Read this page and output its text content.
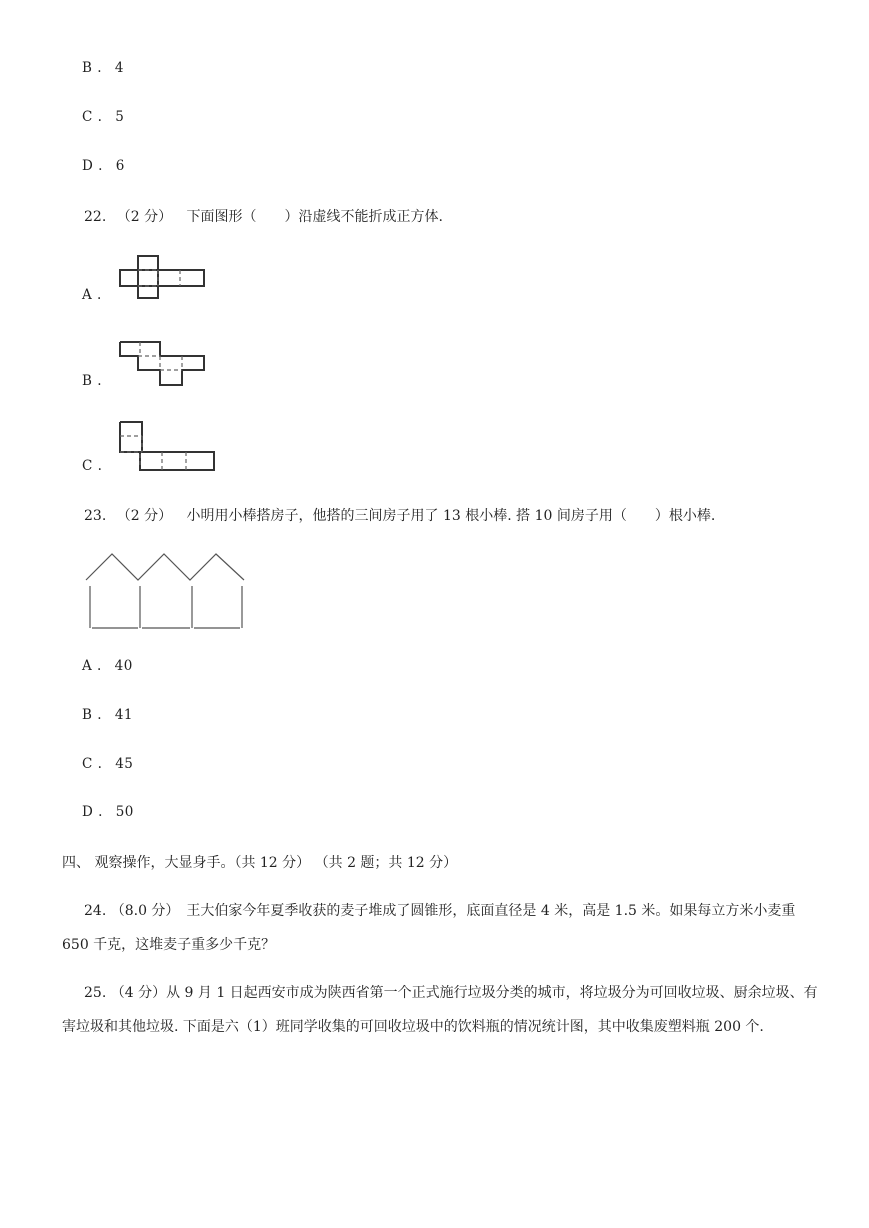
B . 4
C . 5
D . 6
22. （2 分） 下面图形（　　）沿虚线不能折成正方体.
A .
B .
C .
23. （2 分） 小明用小棒搭房子，他搭的三间房子用了 13 根小棒. 搭 10 间房子用（　　）根小棒.
A . 40
B . 41
C . 45
D . 50
四、 观察操作，大显身手。（共 12 分） （共 2 题；共 12 分）
24. （8.0 分）　王大伯家今年夏季收获的麦子堆成了圆锥形，底面直径是 4 米，高是 1.5 米。如果每立方米小麦重 650 千克，这堆麦子重多少千克？
25. （4 分）从 9 月 1 日起西安市成为陕西省第一个正式施行垃圾分类的城市，将垃圾分为可回收垃圾、厨余垃圾、有害垃圾和其他垃圾. 下面是六（1）班同学收集的可回收垃圾中的饮料瓶的情况统计图，其中收集废塑料瓶 200 个.
